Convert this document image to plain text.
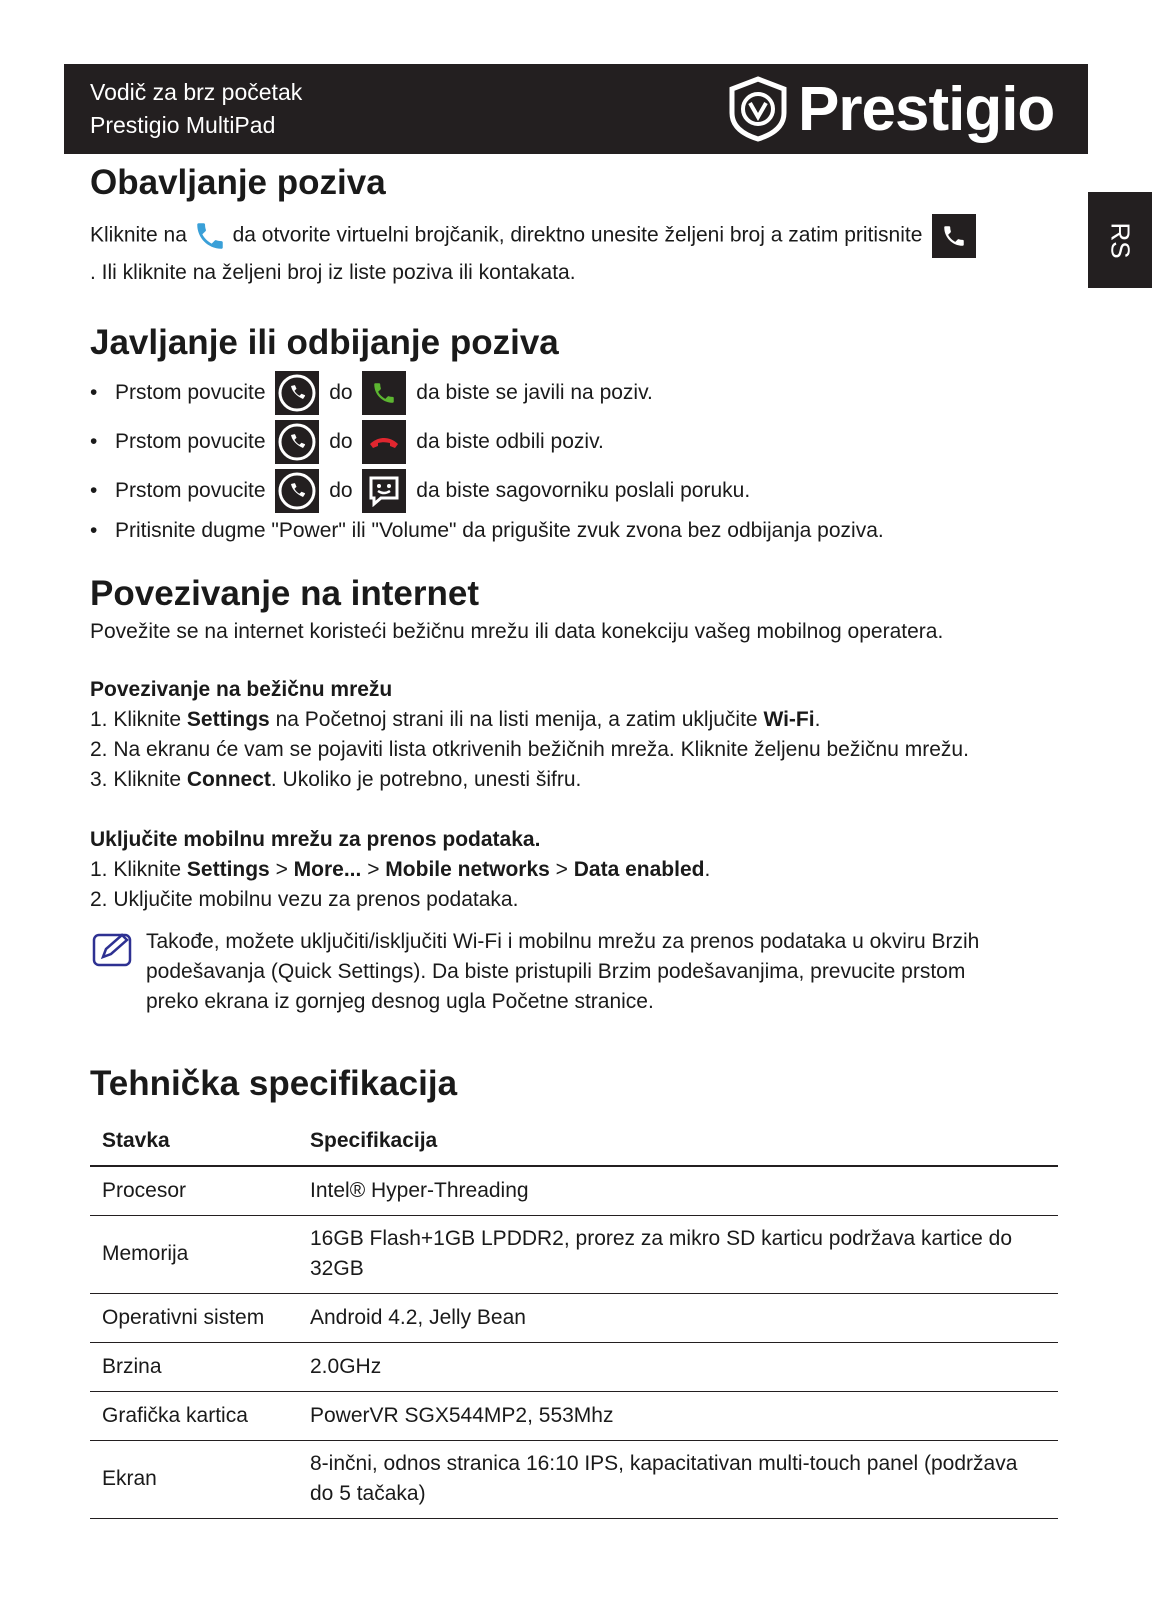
Vodič za brz početak
Prestigio MultiPad	Prestigio
RS
Obavljanje poziva

Kliknite na da otvorite virtuelni brojčanik, direktno unesite željeni broj a zatim pritisnite

. Ili kliknite na željeni broj iz liste poziva ili kontakata.

Javljanje ili odbijanje poziva
• Prstom povucite	do	da biste se javili na poziv.
• Prstom povucite	do	da biste odbili poziv.
• Prstom povucite	do	da biste sagovorniku poslali poruku.
• Pritisnite dugme "Power" ili "Volume" da prigušite zvuk zvona bez odbijanja poziva.
Povezivanje na internet

Povežite se na internet koristeći bežičnu mrežu ili data konekciju vašeg mobilnog operatera.

Povezivanje na bežičnu mrežu
1. Kliknite Settings na Početnoj strani ili na listi menija, a zatim uključite Wi-Fi.
2. Na ekranu će vam se pojaviti lista otkrivenih bežičnih mreža. Kliknite željenu bežičnu mrežu.
3. Kliknite Connect. Ukoliko je potrebno, unesti šifru.
Uključite mobilnu mrežu za prenos podataka.
1. Kliknite Settings > More... > Mobile networks > Data enabled.
2. Uključite mobilnu vezu za prenos podataka.

Takođe, možete uključiti/isključiti Wi-Fi i mobilnu mrežu za prenos podataka u okviru Brzih podešavanja (Quick Settings). Da biste pristupili Brzim podešavanjima, prevucite prstom preko ekrana iz gornjeg desnog ugla Početne stranice.

Tehnička specifikacija
Stavka	Specifikacija
Procesor	Intel® Hyper-Threading
Memorija	16GB Flash+1GB LPDDR2, prorez za mikro SD karticu podržava kartice do 32GB
Operativni sistem	Android 4.2, Jelly Bean
Brzina	2.0GHz
Grafička kartica	PowerVR SGX544MP2, 553Mhz
Ekran	8-inčni, odnos stranica 16:10 IPS, kapacitativan multi-touch panel (podržava do 5 tačaka)
